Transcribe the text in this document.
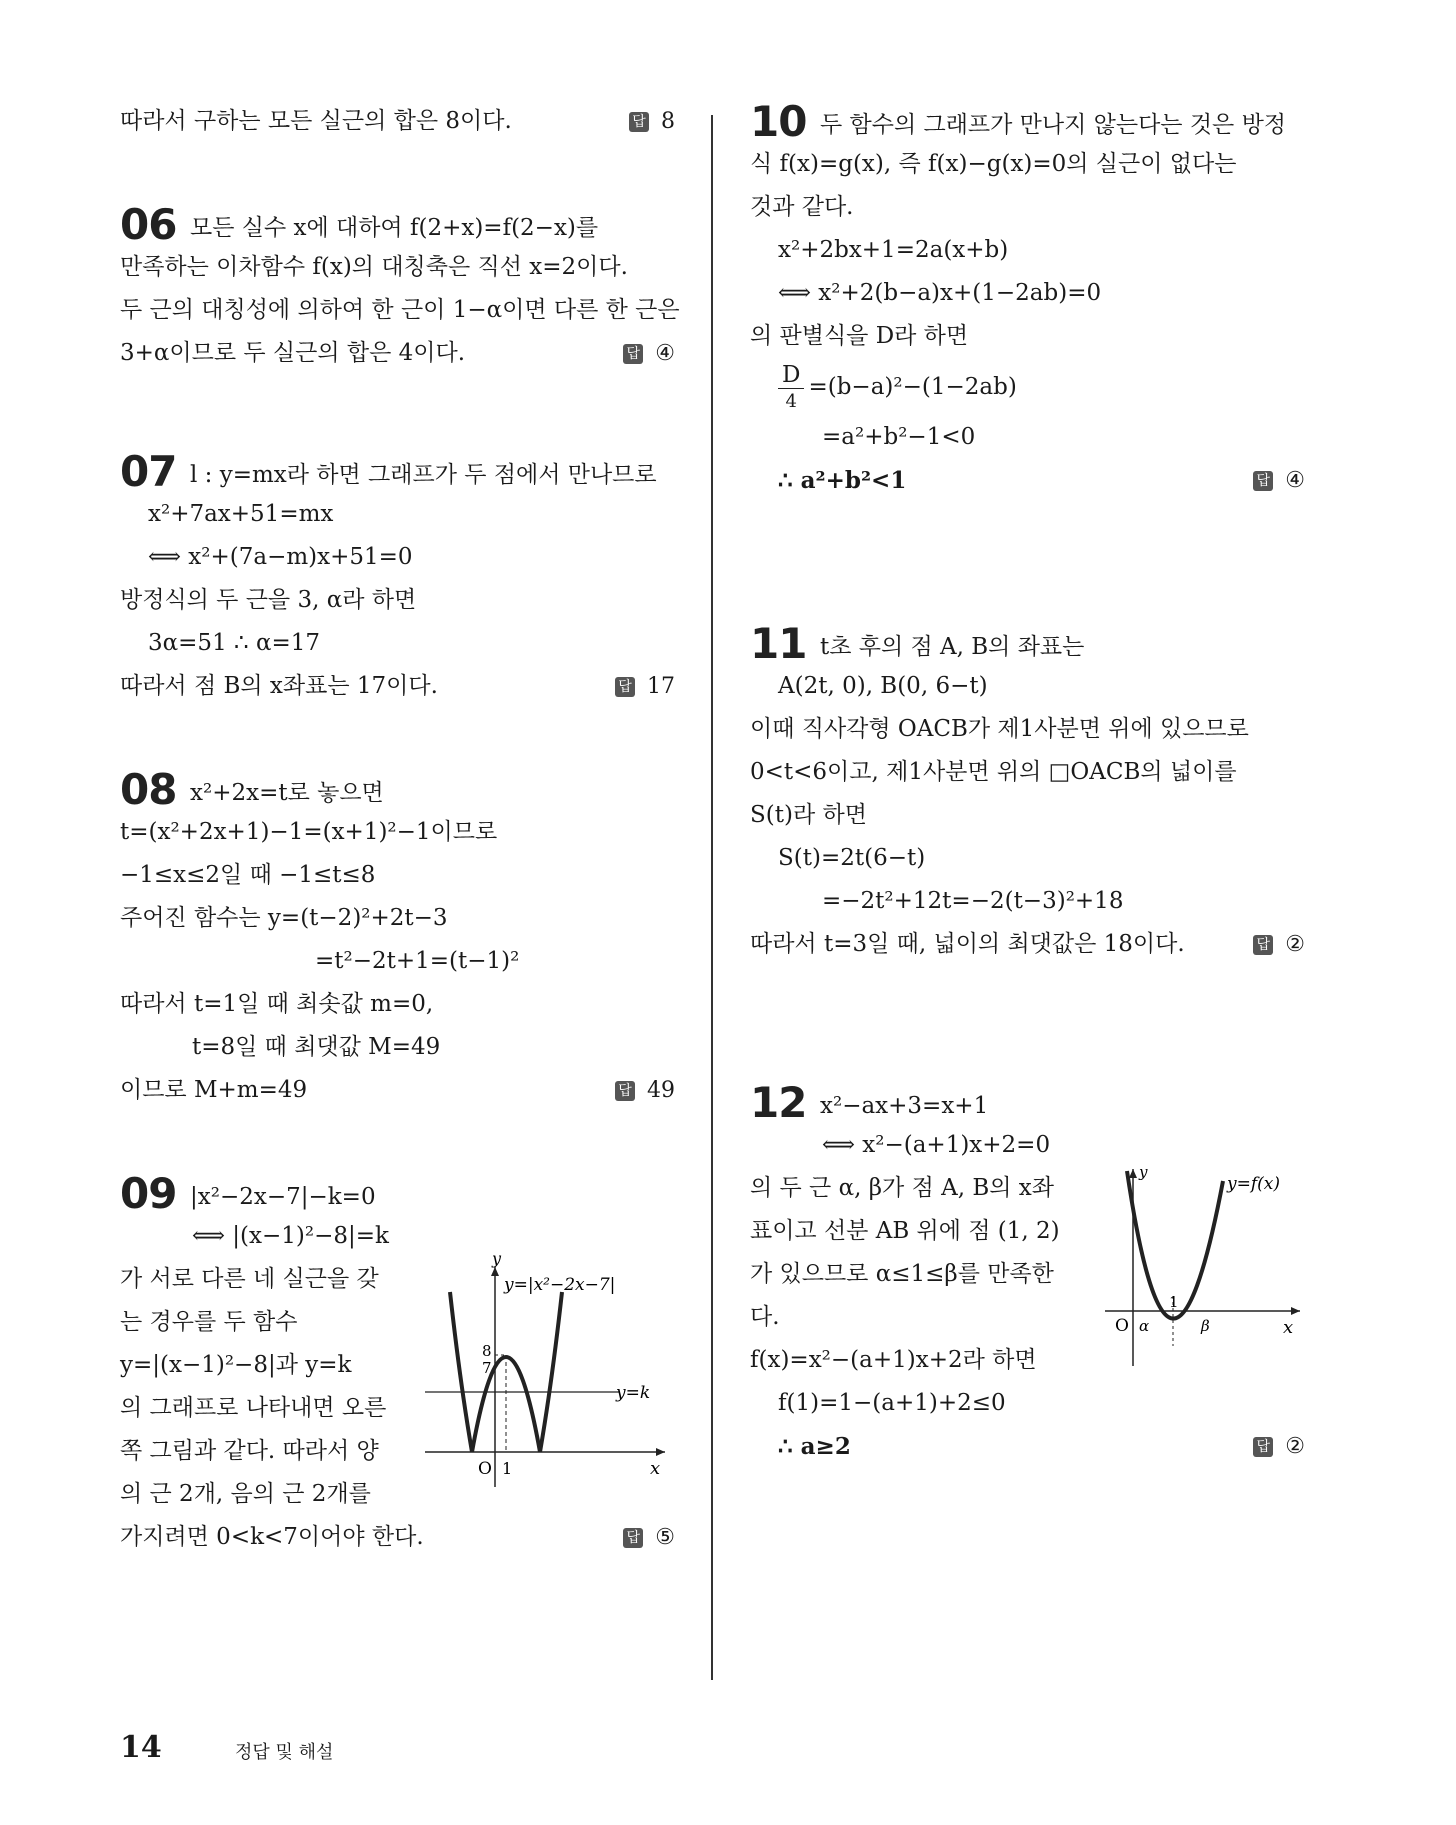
따라서 구하는 모든 실근의 합은 8이다.	답 8
06 모든 실수 x에 대하여 f(2+x)=f(2−x)를
만족하는 이차함수 f(x)의 대칭축은 직선 x=2이다.
두 근의 대칭성에 의하여 한 근이 1−α이면 다른 한 근은
3+α이므로 두 실근의 합은 4이다.	답 ④
07 l : y=mx라 하면 그래프가 두 점에서 만나므로
x²+7ax+51=mx
⟺ x²+(7a−m)x+51=0
방정식의 두 근을 3, α라 하면
3α=51 ∴ α=17
따라서 점 B의 x좌표는 17이다.	답 17
08 x²+2x=t로 놓으면
t=(x²+2x+1)−1=(x+1)²−1이므로
−1≤x≤2일 때 −1≤t≤8
주어진 함수는 y=(t−2)²+2t−3
=t²−2t+1=(t−1)²
따라서 t=1일 때 최솟값 m=0,
t=8일 때 최댓값 M=49
이므로 M+m=49	답 49
09 |x²−2x−7|−k=0
⟺ |(x−1)²−8|=k
가 서로 다른 네 실근을 갖
는 경우를 두 함수
y=|(x−1)²−8|과 y=k
의 그래프로 나타내면 오른
쪽 그림과 같다. 따라서 양
의 근 2개, 음의 근 2개를
가지려면 0<k<7이어야 한다.	답 ⑤
y
x
O 1
8
7
y=|x²−2x−7|
y=k
10 두 함수의 그래프가 만나지 않는다는 것은 방정
식 f(x)=g(x), 즉 f(x)−g(x)=0의 실근이 없다는
것과 같다.
x²+2bx+1=2a(x+b)
⟺ x²+2(b−a)x+(1−2ab)=0
의 판별식을 D라 하면
$\frac{D}{4} =(b-a)^2-(1-2ab)$
=a²+b²−1<0
∴ a²+b²<1	답 ④
11 t초 후의 점 A, B의 좌표는
A(2t, 0), B(0, 6−t)
이때 직사각형 OACB가 제1사분면 위에 있으므로
0<t<6이고, 제1사분면 위의 □OACB의 넓이를
S(t)라 하면
S(t)=2t(6−t)
=−2t²+12t=−2(t−3)²+18
따라서 t=3일 때, 넓이의 최댓값은 18이다.	답 ②
12 x²−ax+3=x+1
⟺ x²−(a+1)x+2=0
의 두 근 α, β가 점 A, B의 x좌
표이고 선분 AB 위에 점 (1, 2)
가 있으므로 α≤1≤β를 만족한
다.
f(x)=x²−(a+1)x+2라 하면
f(1)=1−(a+1)+2≤0
∴ a≥2	답 ②
y
y=f(x)
x
O α
1
β
14	정답 및 해설
